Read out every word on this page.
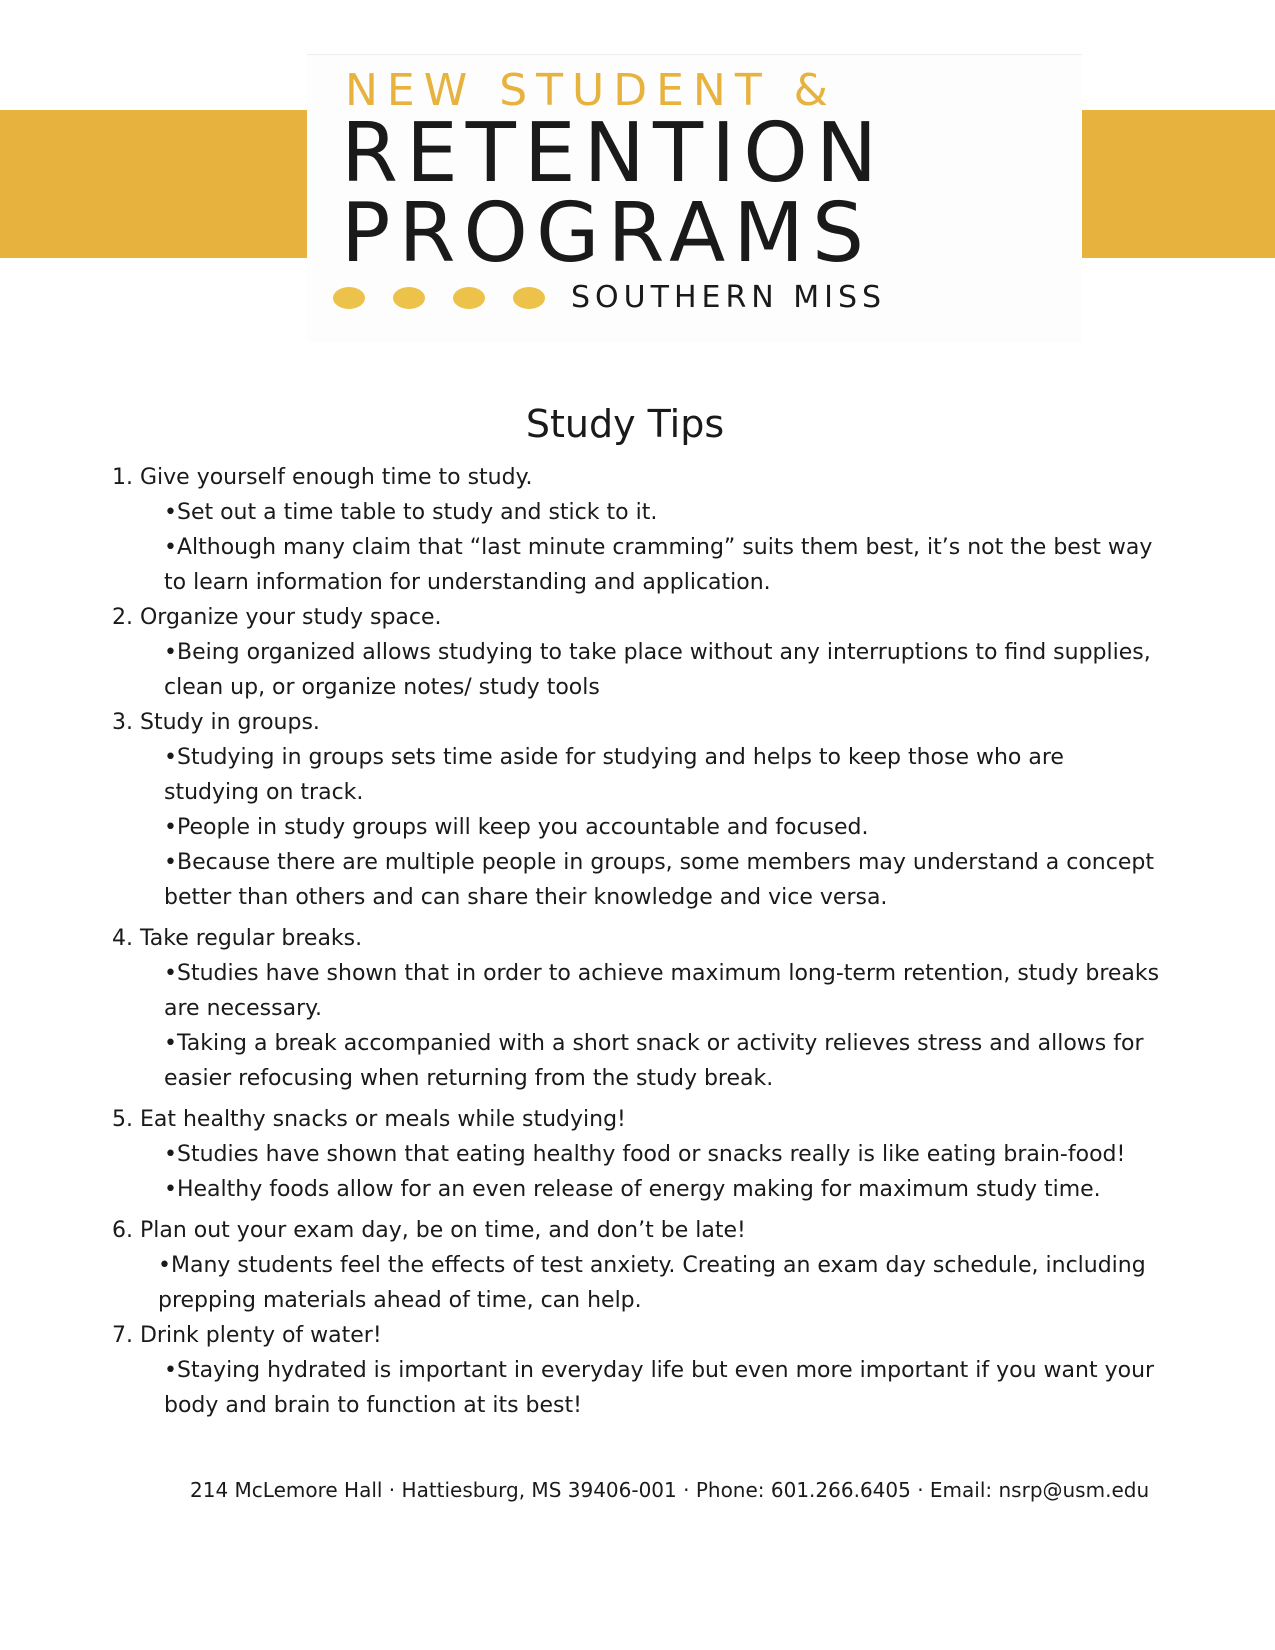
NEW STUDENT &
RETENTION
PROGRAMS
SOUTHERN MISS
Study Tips
1. Give yourself enough time to study.
•Set out a time table to study and stick to it.
•Although many claim that “last minute cramming” suits them best, it’s not the best way to learn information for understanding and application.
2. Organize your study space.
•Being organized allows studying to take place without any interruptions to find supplies, clean up, or organize notes/ study tools
3. Study in groups.
•Studying in groups sets time aside for studying and helps to keep those who are studying on track.
•People in study groups will keep you accountable and focused.
•Because there are multiple people in groups, some members may understand a concept better than others and can share their knowledge and vice versa.
4. Take regular breaks.
•Studies have shown that in order to achieve maximum long-term retention, study breaks are necessary.
•Taking a break accompanied with a short snack or activity relieves stress and allows for easier refocusing when returning from the study break.
5. Eat healthy snacks or meals while studying!
•Studies have shown that eating healthy food or snacks really is like eating brain-food!
•Healthy foods allow for an even release of energy making for maximum study time.
6. Plan out your exam day, be on time, and don’t be late!
•Many students feel the effects of test anxiety. Creating an exam day schedule, including prepping materials ahead of time, can help.
7. Drink plenty of water!
•Staying hydrated is important in everyday life but even more important if you want your body and brain to function at its best!
214 McLemore Hall · Hattiesburg, MS 39406-001 · Phone: 601.266.6405 · Email: nsrp@usm.edu
